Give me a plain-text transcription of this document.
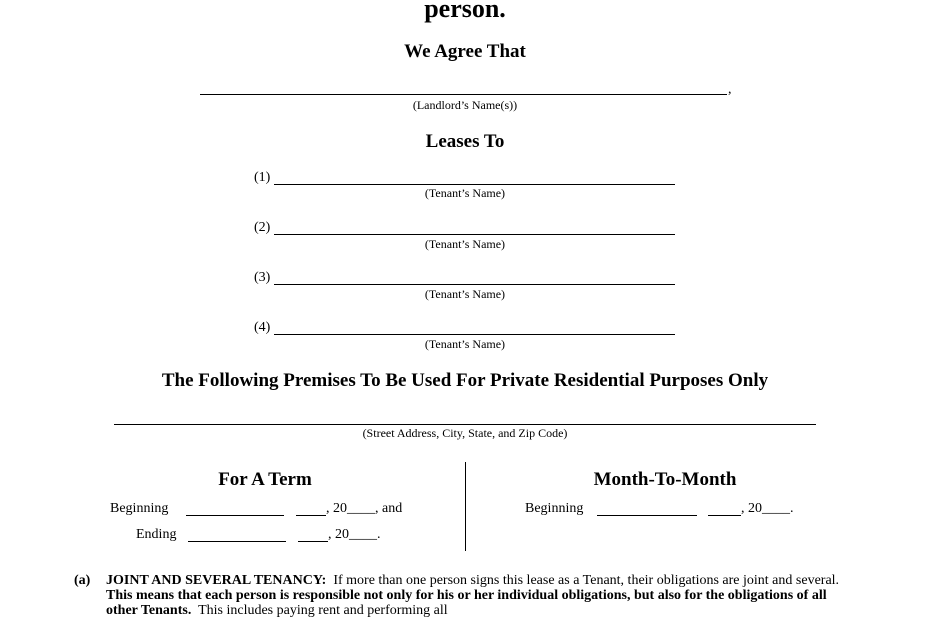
person.
We Agree That
,
(Landlord’s Name(s))
Leases To
(1)
(Tenant’s Name)
(2)
(Tenant’s Name)
(3)
(Tenant’s Name)
(4)
(Tenant’s Name)
The Following Premises To Be Used For Private Residential Purposes Only
(Street Address, City, State, and Zip Code)
For A Term
Beginning	, 20____, and
Ending	, 20____.
Month-To-Month
Beginning	, 20____.
(a) JOINT AND SEVERAL TENANCY: If more than one person signs this lease as a Tenant, their obligations are joint and several.  This means that each person is responsible not only for his or her individual obligations, but also for the obligations of all other Tenants. This includes paying rent and performing all
